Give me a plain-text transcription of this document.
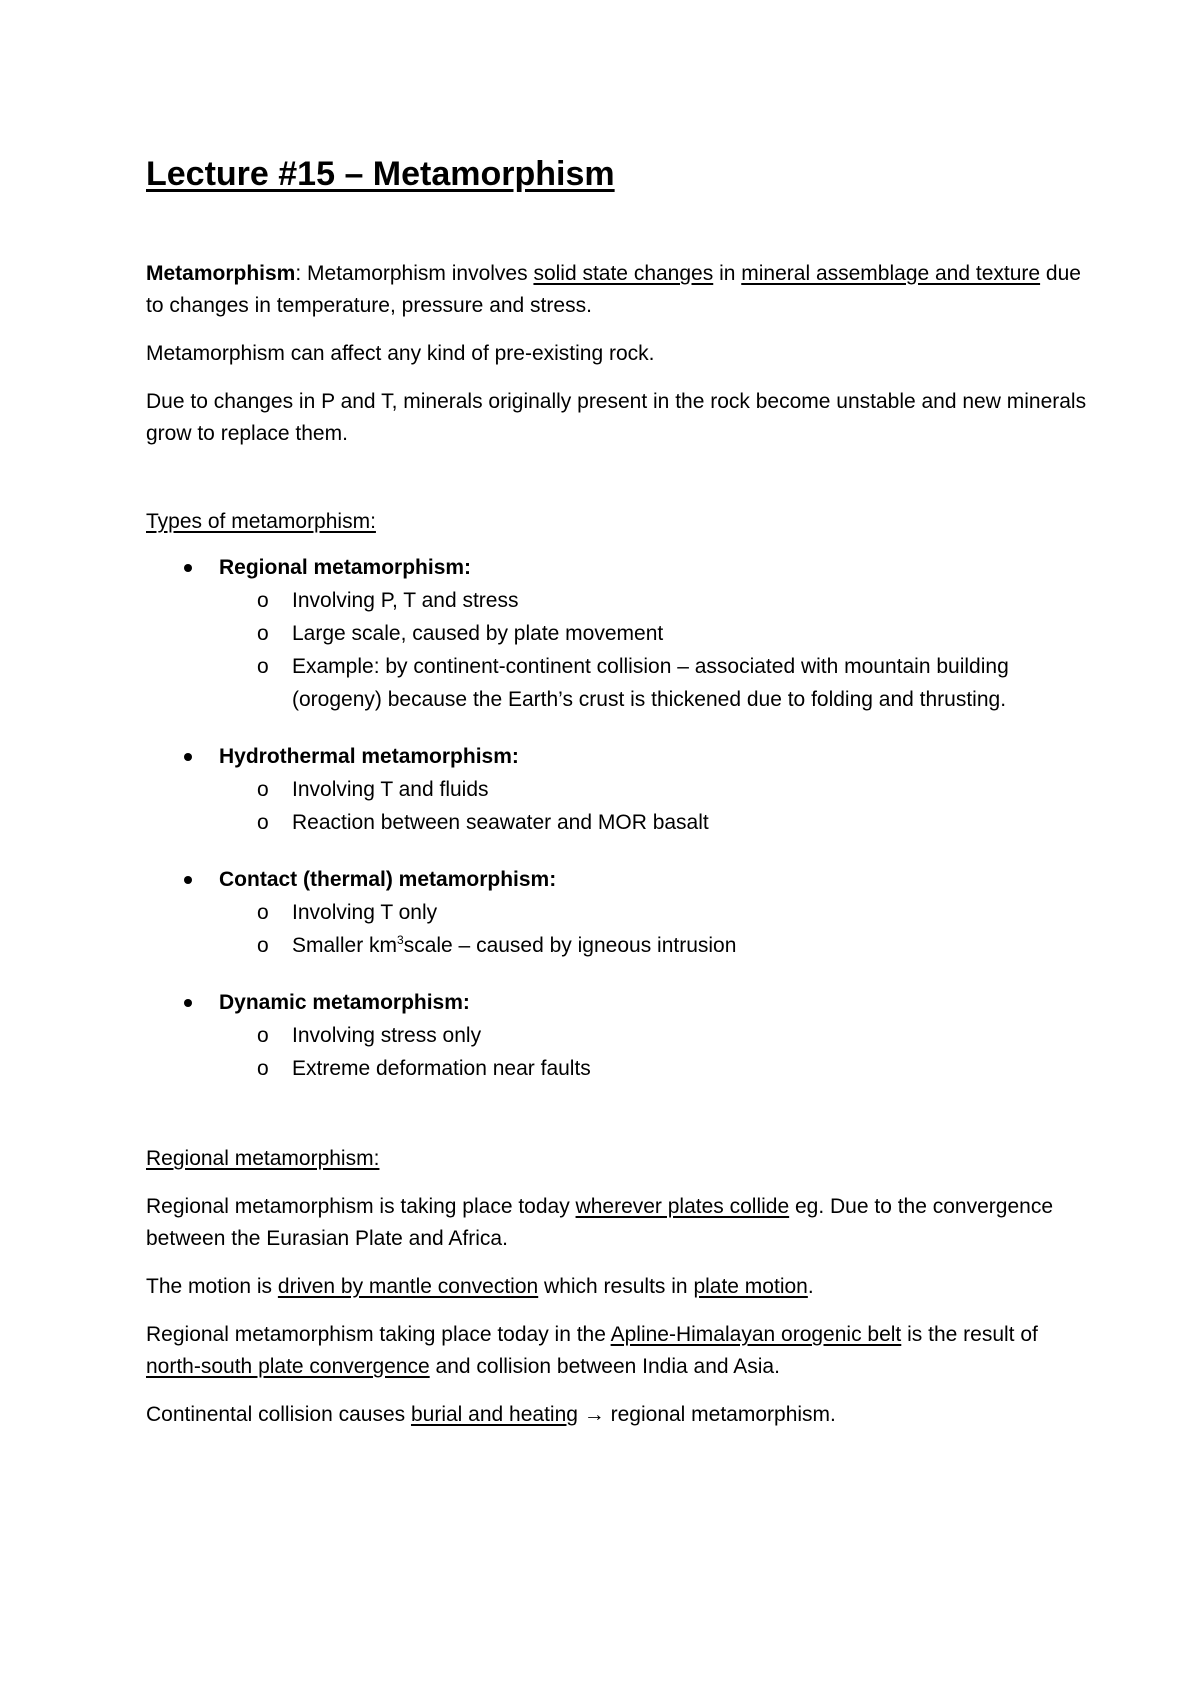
Lecture #15 – Metamorphism

Metamorphism: Metamorphism involves solid state changes in mineral assemblage and texture due to changes in temperature, pressure and stress.

Metamorphism can affect any kind of pre-existing rock.

Due to changes in P and T, minerals originally present in the rock become unstable and new minerals grow to replace them.

Types of metamorphism:

Regional metamorphism:
o Involving P, T and stress
o Large scale, caused by plate movement
o Example: by continent-continent collision – associated with mountain building (orogeny) because the Earth’s crust is thickened due to folding and thrusting.
Hydrothermal metamorphism:
o Involving T and fluids
o Reaction between seawater and MOR basalt
Contact (thermal) metamorphism:
o Involving T only
o Smaller $km^3scale$ – caused by igneous intrusion
Dynamic metamorphism:
o Involving stress only
o Extreme deformation near faults

Regional metamorphism:

Regional metamorphism is taking place today wherever plates collide eg. Due to the convergence between the Eurasian Plate and Africa.

The motion is driven by mantle convection which results in plate motion.

Regional metamorphism taking place today in the Apline-Himalayan orogenic belt is the result of north-south plate convergence and collision between India and Asia.

Continental collision causes burial and heating → regional metamorphism.
